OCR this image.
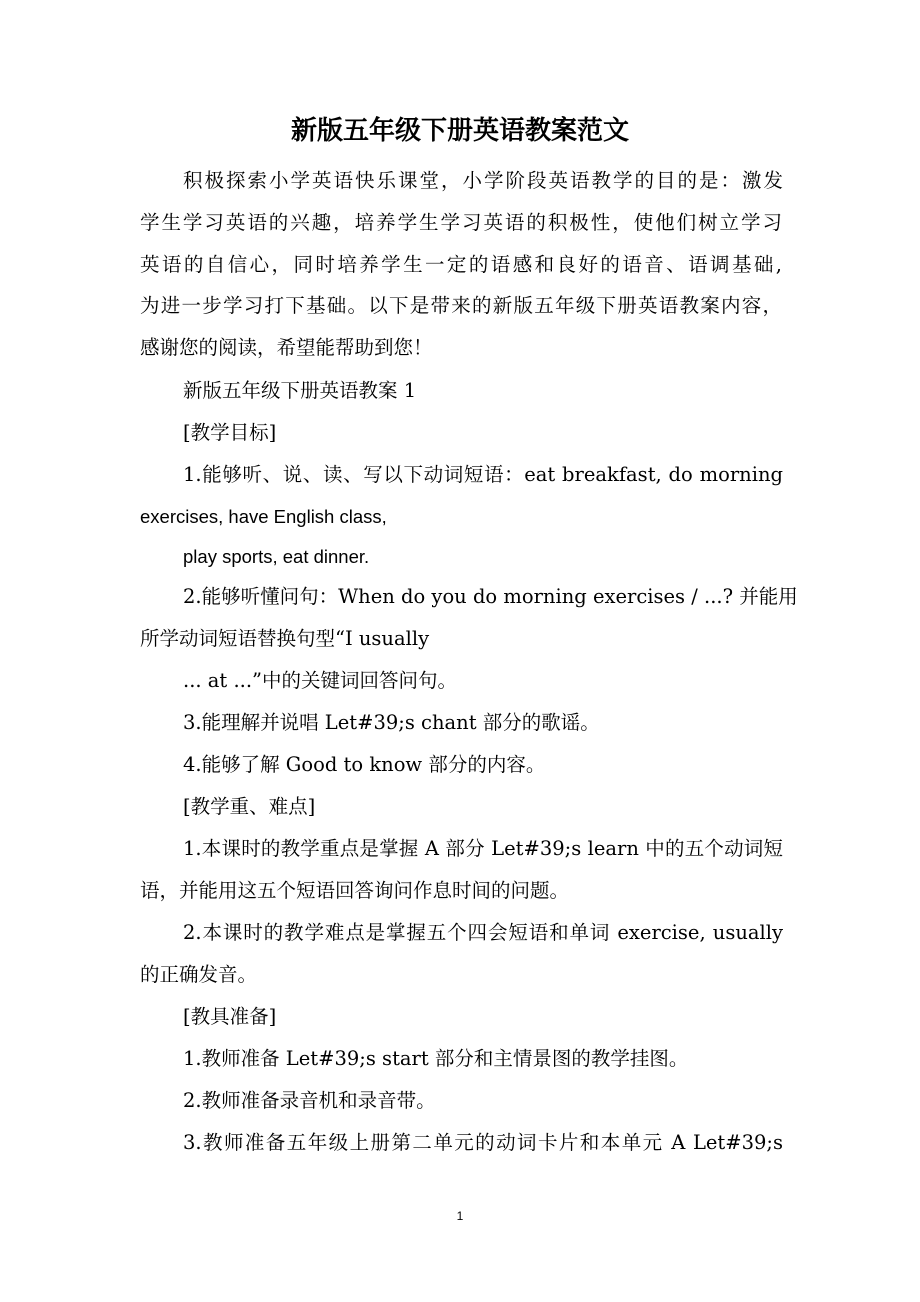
新版五年级下册英语教案范文
积极探索小学英语快乐课堂，小学阶段英语教学的目的是：激发
学生学习英语的兴趣，培养学生学习英语的积极性，使他们树立学习
英语的自信心，同时培养学生一定的语感和良好的语音、语调基础,
为进一步学习打下基础。以下是带来的新版五年级下册英语教案内容，
感谢您的阅读，希望能帮助到您！
新版五年级下册英语教案 1
[教学目标]
1.能够听、说、读、写以下动词短语：eat breakfast, do morning
exercises, have English class,
play sports, eat dinner.
2.能够听懂问句：When do you do morning exercises / ...? 并能用
所学动词短语替换句型“I usually
... at ...”中的关键词回答问句。
3.能理解并说唱 Let#39;s chant 部分的歌谣。
4.能够了解 Good to know 部分的内容。
[教学重、难点]
1.本课时的教学重点是掌握 A 部分 Let#39;s learn 中的五个动词短
语，并能用这五个短语回答询问作息时间的问题。
2.本课时的教学难点是掌握五个四会短语和单词 exercise, usually
的正确发音。
[教具准备]
1.教师准备 Let#39;s start 部分和主情景图的教学挂图。
2.教师准备录音机和录音带。
3.教师准备五年级上册第二单元的动词卡片和本单元 A Let#39;s
1
